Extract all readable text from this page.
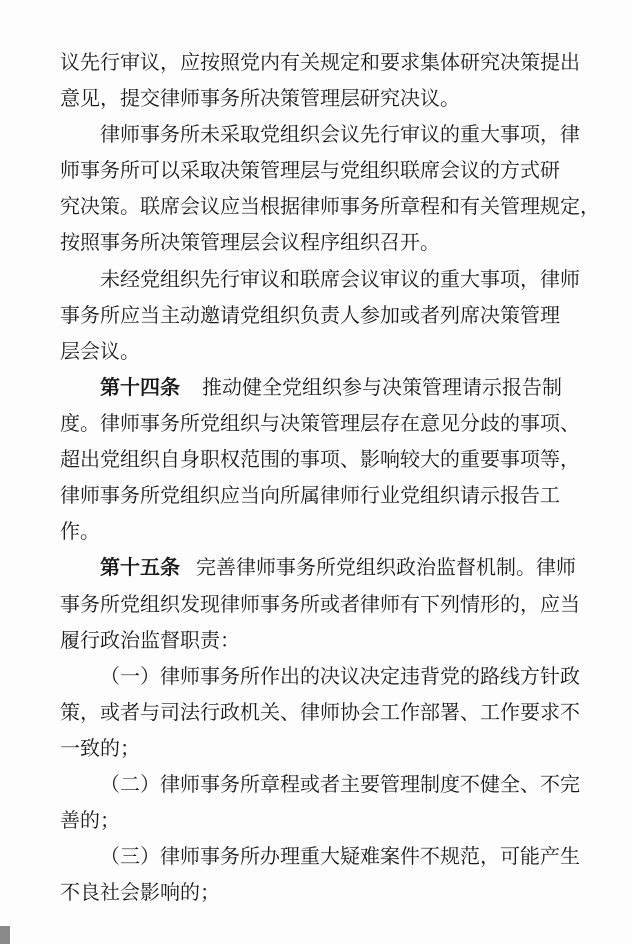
议先行审议，应按照党内有关规定和要求集体研究决策提出
意见，提交律师事务所决策管理层研究决议。
律师事务所未采取党组织会议先行审议的重大事项，律
师事务所可以采取决策管理层与党组织联席会议的方式研
究决策。联席会议应当根据律师事务所章程和有关管理规定，
按照事务所决策管理层会议程序组织召开。
未经党组织先行审议和联席会议审议的重大事项，律师
事务所应当主动邀请党组织负责人参加或者列席决策管理
层会议。
第十四条 推动健全党组织参与决策管理请示报告制
度。律师事务所党组织与决策管理层存在意见分歧的事项、
超出党组织自身职权范围的事项、影响较大的重要事项等，
律师事务所党组织应当向所属律师行业党组织请示报告工
作。
第十五条 完善律师事务所党组织政治监督机制。律师
事务所党组织发现律师事务所或者律师有下列情形的，应当
履行政治监督职责：
（一）律师事务所作出的决议决定违背党的路线方针政
策，或者与司法行政机关、律师协会工作部署、工作要求不
一致的；
（二）律师事务所章程或者主要管理制度不健全、不完
善的；
（三）律师事务所办理重大疑难案件不规范，可能产生
不良社会影响的；
